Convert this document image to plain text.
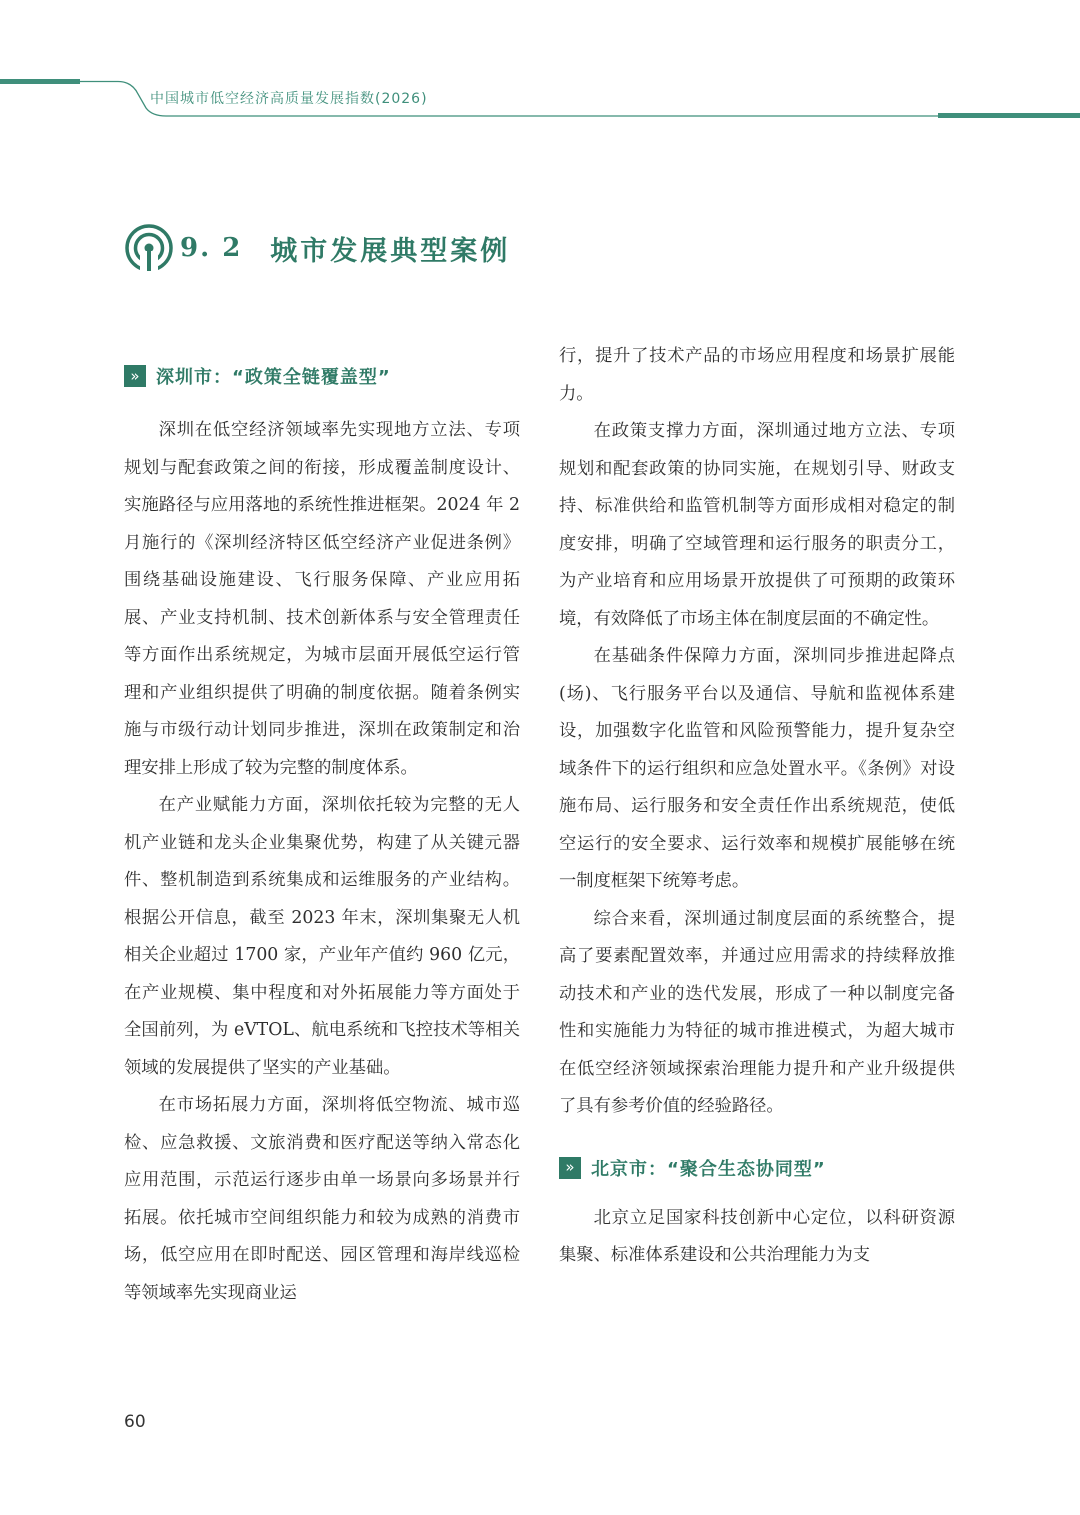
中国城市低空经济高质量发展指数(2026)
9. 2 城市发展典型案例
» 深圳市：“政策全链覆盖型”

深圳在低空经济领域率先实现地方立法、专项规划与配套政策之间的衔接，形成覆盖制度设计、实施路径与应用落地的系统性推进框架。2024 年 2 月施行的《深圳经济特区低空经济产业促进条例》围绕基础设施建设、飞行服务保障、产业应用拓展、产业支持机制、技术创新体系与安全管理责任等方面作出系统规定，为城市层面开展低空运行管理和产业组织提供了明确的制度依据。随着条例实施与市级行动计划同步推进，深圳在政策制定和治理安排上形成了较为完整的制度体系。

在产业赋能力方面，深圳依托较为完整的无人机产业链和龙头企业集聚优势，构建了从关键元器件、整机制造到系统集成和运维服务的产业结构。根据公开信息，截至 2023 年末，深圳集聚无人机相关企业超过 1700 家，产业年产值约 960 亿元，在产业规模、集中程度和对外拓展能力等方面处于全国前列，为 eVTOL、航电系统和飞控技术等相关领域的发展提供了坚实的产业基础。

在市场拓展力方面，深圳将低空物流、城市巡检、应急救援、文旅消费和医疗配送等纳入常态化应用范围，示范运行逐步由单一场景向多场景并行拓展。依托城市空间组织能力和较为成熟的消费市场，低空应用在即时配送、园区管理和海岸线巡检等领域率先实现商业运

行，提升了技术产品的市场应用程度和场景扩展能力。

在政策支撑力方面，深圳通过地方立法、专项规划和配套政策的协同实施，在规划引导、财政支持、标准供给和监管机制等方面形成相对稳定的制度安排，明确了空域管理和运行服务的职责分工，为产业培育和应用场景开放提供了可预期的政策环境，有效降低了市场主体在制度层面的不确定性。

在基础条件保障力方面，深圳同步推进起降点(场)、飞行服务平台以及通信、导航和监视体系建设，加强数字化监管和风险预警能力，提升复杂空域条件下的运行组织和应急处置水平。《条例》对设施布局、运行服务和安全责任作出系统规范，使低空运行的安全要求、运行效率和规模扩展能够在统一制度框架下统筹考虑。

综合来看，深圳通过制度层面的系统整合，提高了要素配置效率，并通过应用需求的持续释放推动技术和产业的迭代发展，形成了一种以制度完备性和实施能力为特征的城市推进模式，为超大城市在低空经济领域探索治理能力提升和产业升级提供了具有参考价值的经验路径。

» 北京市：“聚合生态协同型”

北京立足国家科技创新中心定位，以科研资源集聚、标准体系建设和公共治理能力为支

60
